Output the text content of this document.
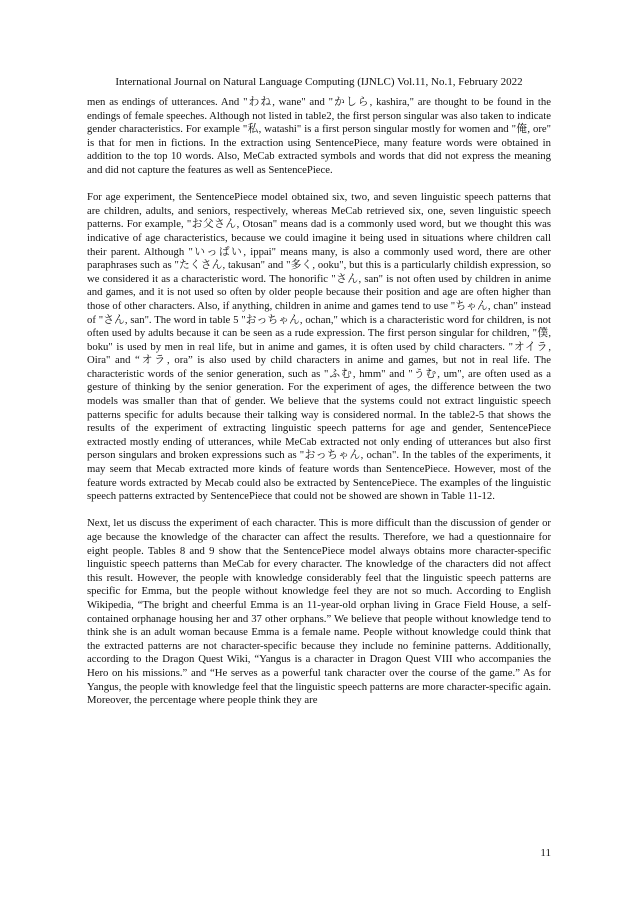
International Journal on Natural Language Computing (IJNLC) Vol.11, No.1, February 2022

men as endings of utterances. And "わね, wane" and "かしら, kashira," are thought to be found in the endings of female speeches. Although not listed in table2, the first person singular was also taken to indicate gender characteristics. For example "私, watashi" is a first person singular mostly for women and "俺, ore" is that for men in fictions. In the extraction using SentencePiece, many feature words were obtained in addition to the top 10 words. Also, MeCab extracted symbols and words that did not express the meaning and did not capture the features as well as SentencePiece.

For age experiment, the SentencePiece model obtained six, two, and seven linguistic speech patterns that are children, adults, and seniors, respectively, whereas MeCab retrieved six, one, seven linguistic speech patterns. For example, "お父さん, Otosan" means dad is a commonly used word, but we thought this was indicative of age characteristics, because we could imagine it being used in situations where children call their parent. Although "いっぱい, ippai" means many, is also a commonly used word, there are other paraphrases such as "たくさん, takusan" and "多く, ooku", but this is a particularly childish expression, so we considered it as a characteristic word. The honorific "さん, san" is not often used by children in anime and games, and it is not used so often by older people because their position and age are often higher than those of other characters. Also, if anything, children in anime and games tend to use "ちゃん, chan" instead of "さん, san". The word in table 5 "おっちゃん, ochan," which is a characteristic word for children, is not often used by adults because it can be seen as a rude expression. The first person singular for children, "僕, boku" is used by men in real life, but in anime and games, it is often used by child characters. "オイラ, Oira" and “オラ, ora” is also used by child characters in anime and games, but not in real life. The characteristic words of the senior generation, such as "ふむ, hmm" and "うむ, um", are often used as a gesture of thinking by the senior generation. For the experiment of ages, the difference between the two models was smaller than that of gender. We believe that the systems could not extract linguistic speech patterns specific for adults because their talking way is considered normal. In the table2-5 that shows the results of the experiment of extracting linguistic speech patterns for age and gender, SentencePiece extracted mostly ending of utterances, while MeCab extracted not only ending of utterances but also first person singulars and broken expressions such as "おっちゃん, ochan". In the tables of the experiments, it may seem that Mecab extracted more kinds of feature words than SentencePiece. However, most of the feature words extracted by Mecab could also be extracted by SentencePiece. The examples of the linguistic speech patterns extracted by SentencePiece that could not be showed are shown in Table 11-12.

Next, let us discuss the experiment of each character. This is more difficult than the discussion of gender or age because the knowledge of the character can affect the results. Therefore, we had a questionnaire for eight people. Tables 8 and 9 show that the SentencePiece model always obtains more character-specific linguistic speech patterns than MeCab for every character. The knowledge of the characters did not affect this result. However, the people with knowledge considerably feel that the linguistic speech patterns are specific for Emma, but the people without knowledge feel they are not so much. According to English Wikipedia, “The bright and cheerful Emma is an 11-year-old orphan living in Grace Field House, a self-contained orphanage housing her and 37 other orphans.” We believe that people without knowledge tend to think she is an adult woman because Emma is a female name. People without knowledge could think that the extracted patterns are not character-specific because they include no feminine patterns. Additionally, according to the Dragon Quest Wiki, “Yangus is a character in Dragon Quest VIII who accompanies the Hero on his missions.” and “He serves as a powerful tank character over the course of the game.” As for Yangus, the people with knowledge feel that the linguistic speech patterns are more character-specific again. Moreover, the percentage where people think they are

11
